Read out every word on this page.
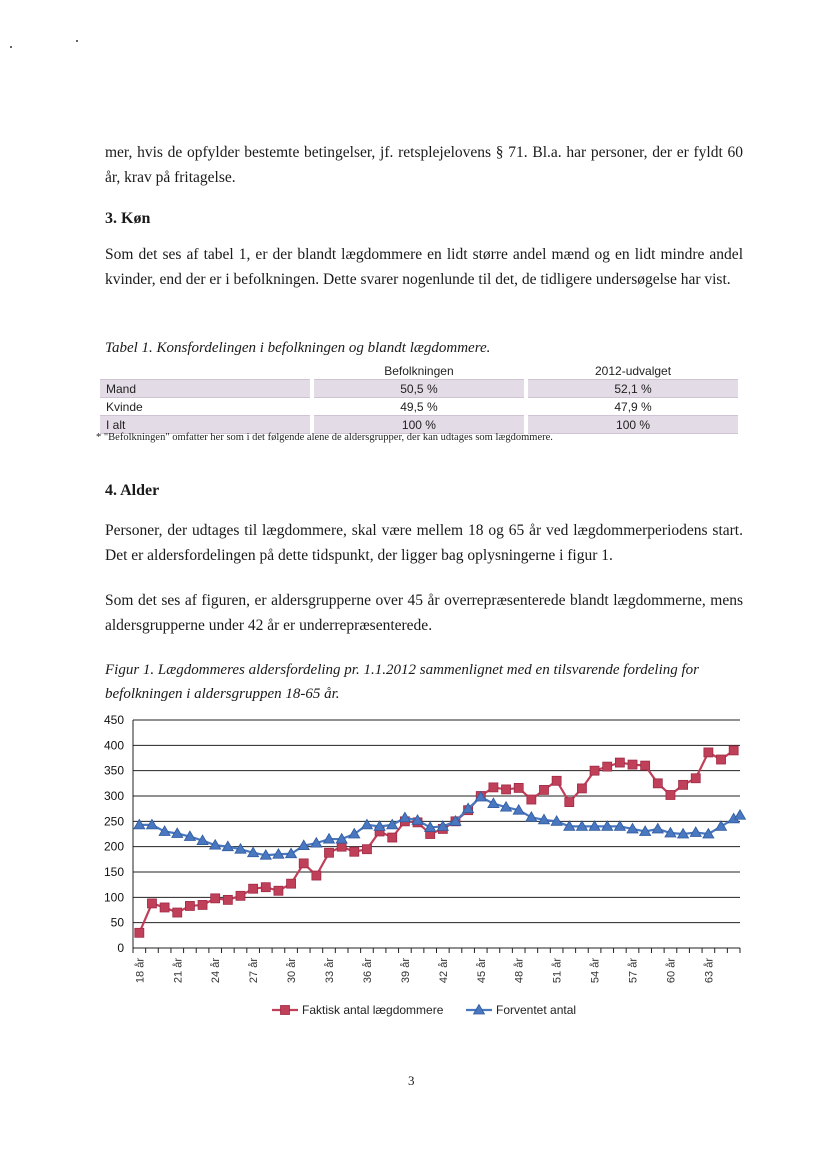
mer, hvis de opfylder bestemte betingelser, jf. retsplejelovens § 71. Bl.a. har personer, der er fyldt 60 år, krav på fritagelse.
3. Køn
Som det ses af tabel 1, er der blandt lægdommere en lidt større andel mænd og en lidt mindre andel kvinder, end der er i befolkningen. Dette svarer nogenlunde til det, de tidligere undersøgelse har vist.
Tabel 1. Konsfordelingen i befolkningen og blandt lægdommere.
	Befolkningen	2012-udvalget
Mand	50,5 %	52,1 %
Kvinde	49,5 %	47,9 %
I alt	100 %	100 %
* "Befolkningen" omfatter her som i det følgende alene de aldersgrupper, der kan udtages som lægdommere.
4. Alder
Personer, der udtages til lægdommere, skal være mellem 18 og 65 år ved lægdommerperiodens start. Det er aldersfordelingen på dette tidspunkt, der ligger bag oplysningerne i figur 1.
Som det ses af figuren, er aldersgrupperne over 45 år overrepræsenterede blandt lægdommerne, mens aldersgrupperne under 42 år er underrepræsenterede.
Figur 1. Lægdommeres aldersfordeling pr. 1.1.2012 sammenlignet med en tilsvarende fordeling for befolkningen i aldersgruppen 18-65 år.
0
50
100
150
200
250
300
350
400
450
18 år 21 år 24 år 27 år 30 år 33 år 36 år 39 år 42 år 45 år 48 år 51 år 54 år 57 år 60 år 63 år
Faktisk antal lægdommere	Forventet antal
3
